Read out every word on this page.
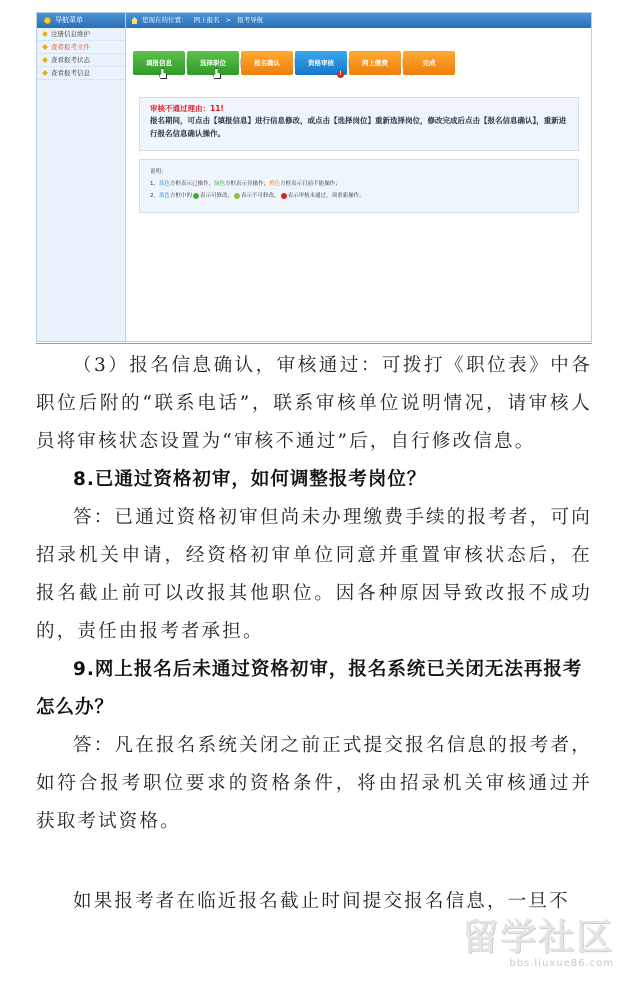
导航菜单
注册信息维护
查看报考文件
查看报考状态
查看报考信息
您现在的位置： 网上报名 > 报考导航
填报信息	选择职位	报名确认	资格审核
!
网上缴费	完成
审核不通过理由：11!
报名期间，可点击【填报信息】进行信息修改，或点击【选择岗位】重新选择岗位，修改完成后点击【报名信息确认】，重新进行报名信息确认操作。
说明：
1、蓝色方框表示已操作，绿色方框表示待操作；橙色方框表示目前不能操作；
2、蓝色方框中的 表示可修改， 表示不可修改， 表示审核未通过，须重新操作。
（3）报名信息确认，审核通过：可拨打《职位表》中各职位后附的“联系电话”，联系审核单位说明情况，请审核人员将审核状态设置为“审核不通过”后，自行修改信息。
8.已通过资格初审，如何调整报考岗位？
答：已通过资格初审但尚未办理缴费手续的报考者，可向招录机关申请，经资格初审单位同意并重置审核状态后，在报名截止前可以改报其他职位。因各种原因导致改报不成功的，责任由报考者承担。
9.网上报名后未通过资格初审，报名系统已关闭无法再报考怎么办？
答：凡在报名系统关闭之前正式提交报名信息的报考者，如符合报考职位要求的资格条件，将由招录机关审核通过并获取考试资格。
如果报考者在临近报名截止时间提交报名信息，一旦不
留学社区
bbs.liuxue86.com
